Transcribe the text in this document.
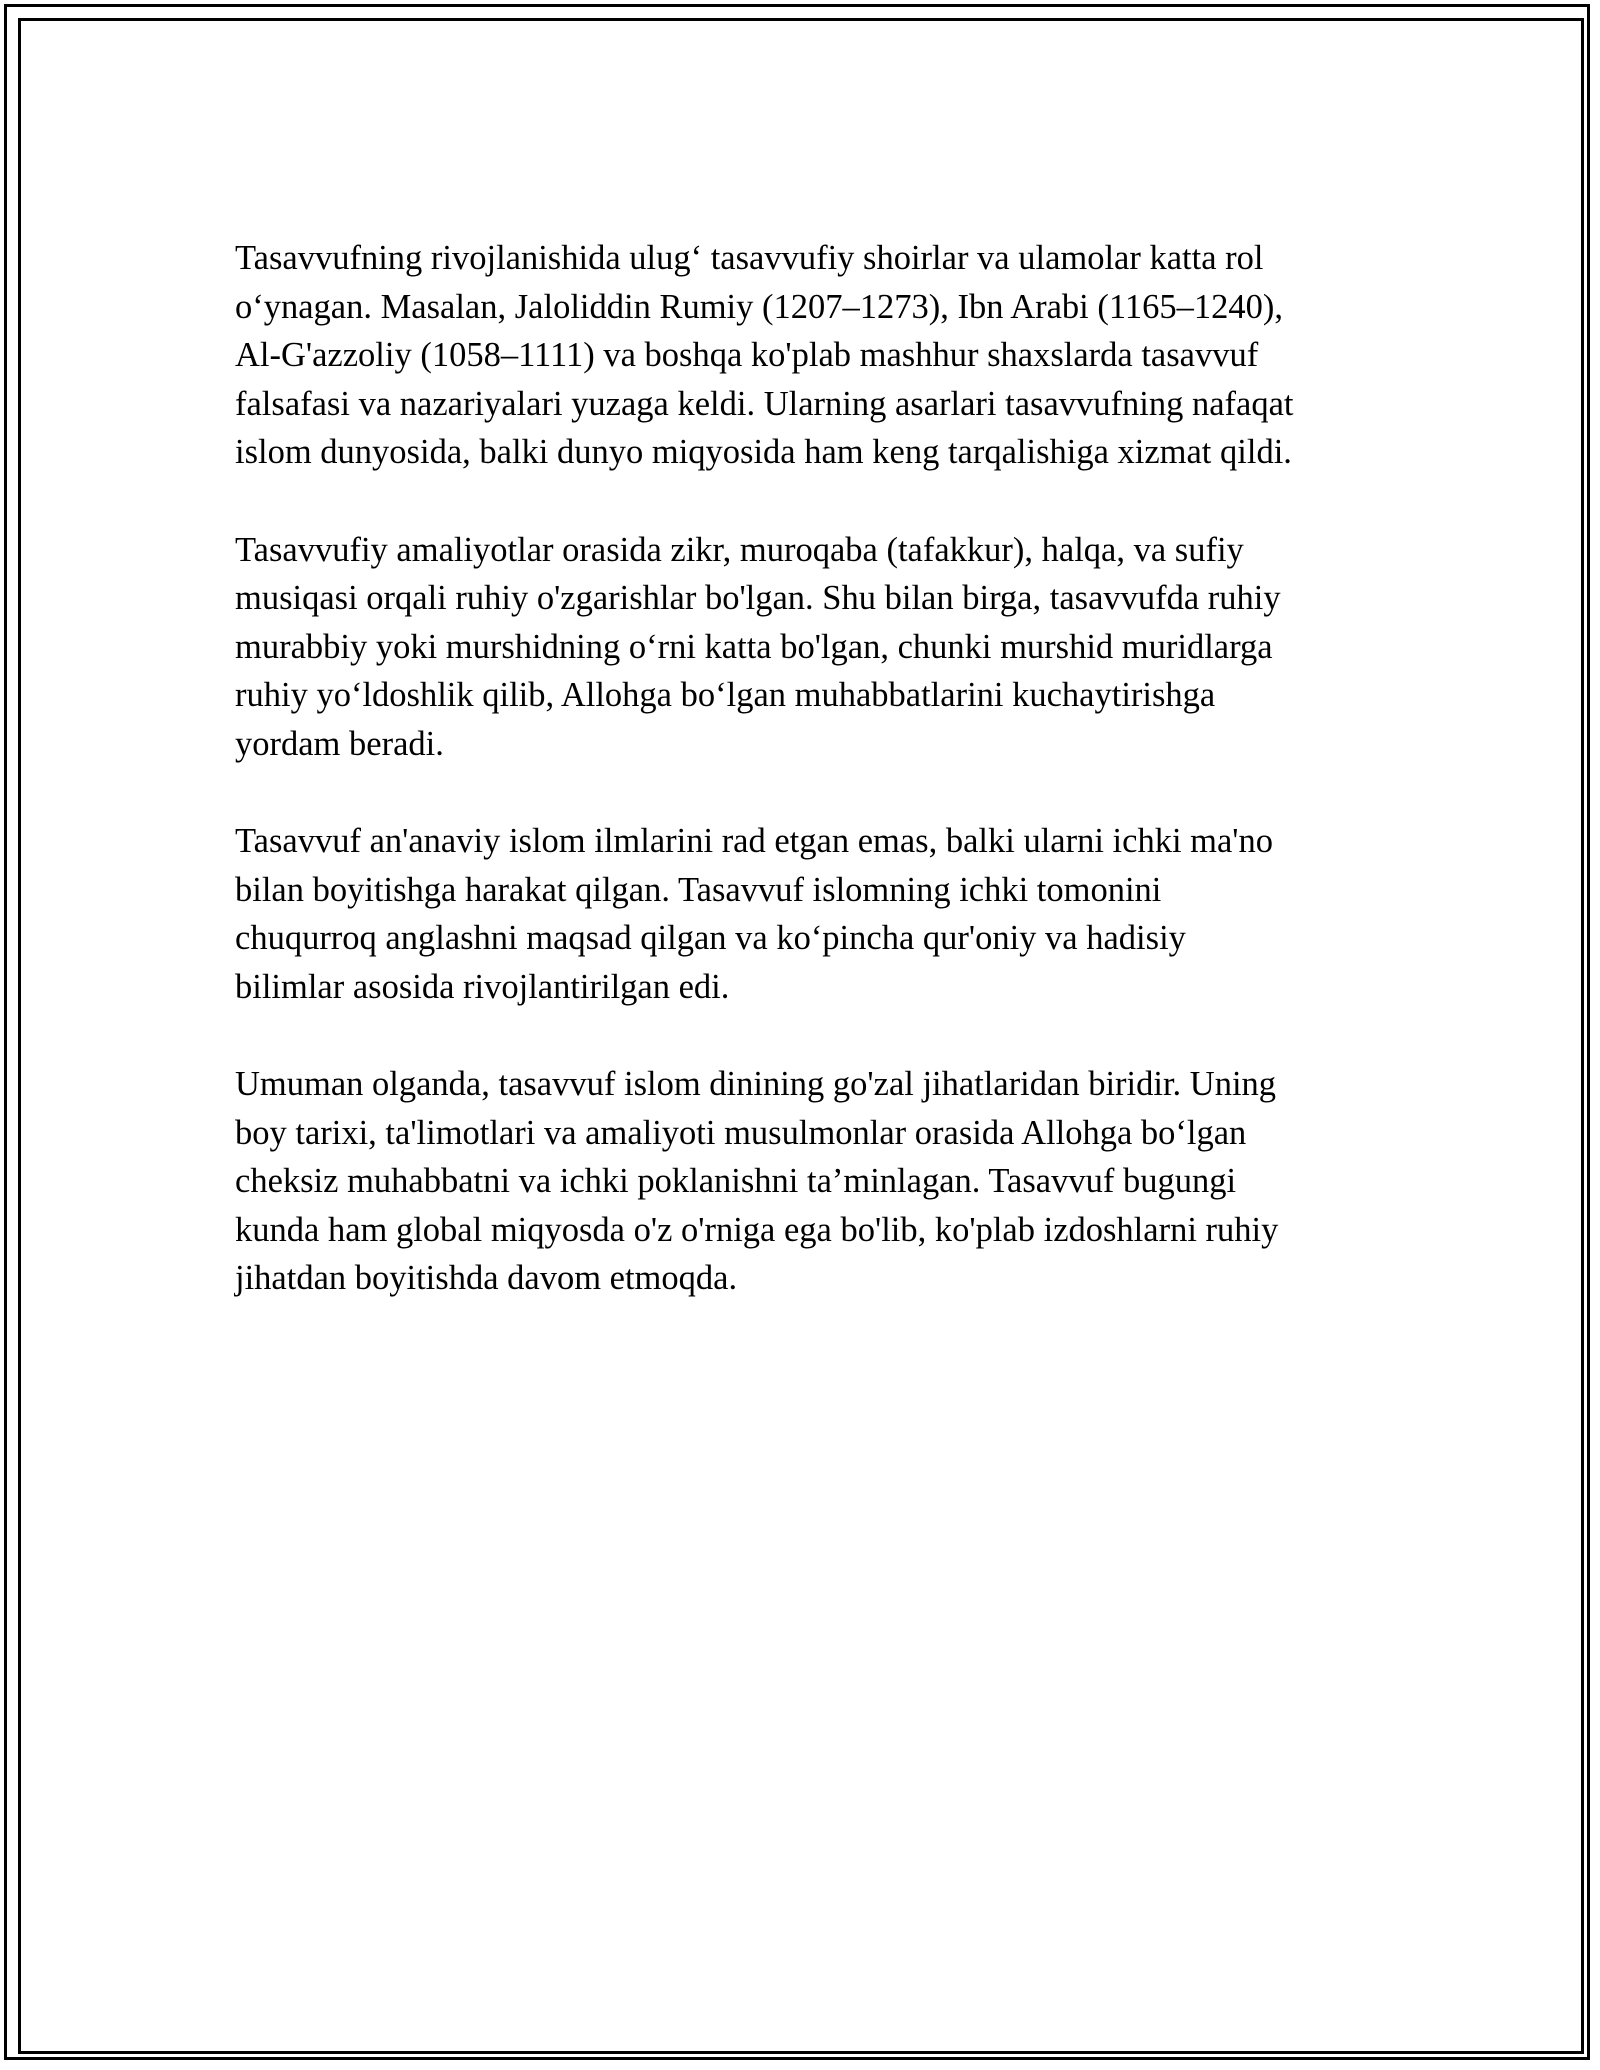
Tasavvufning rivojlanishida ulug‘ tasavvufiy shoirlar va ulamolar katta rol
o‘ynagan. Masalan, Jaloliddin Rumiy (1207–1273), Ibn Arabi (1165–1240),
Al-G'azzoliy (1058–1111) va boshqa ko'plab mashhur shaxslarda tasavvuf
falsafasi va nazariyalari yuzaga keldi. Ularning asarlari tasavvufning nafaqat
islom dunyosida, balki dunyo miqyosida ham keng tarqalishiga xizmat qildi.

Tasavvufiy amaliyotlar orasida zikr, muroqaba (tafakkur), halqa, va sufiy
musiqasi orqali ruhiy o'zgarishlar bo'lgan. Shu bilan birga, tasavvufda ruhiy
murabbiy yoki murshidning o‘rni katta bo'lgan, chunki murshid muridlarga
ruhiy yo‘ldoshlik qilib, Allohga bo‘lgan muhabbatlarini kuchaytirishga
yordam beradi.

Tasavvuf an'anaviy islom ilmlarini rad etgan emas, balki ularni ichki ma'no
bilan boyitishga harakat qilgan. Tasavvuf islomning ichki tomonini
chuqurroq anglashni maqsad qilgan va ko‘pincha qur'oniy va hadisiy
bilimlar asosida rivojlantirilgan edi.

Umuman olganda, tasavvuf islom dinining go'zal jihatlaridan biridir. Uning
boy tarixi, ta'limotlari va amaliyoti musulmonlar orasida Allohga bo‘lgan
cheksiz muhabbatni va ichki poklanishni ta’minlagan. Tasavvuf bugungi
kunda ham global miqyosda o'z o'rniga ega bo'lib, ko'plab izdoshlarni ruhiy
jihatdan boyitishda davom etmoqda.
